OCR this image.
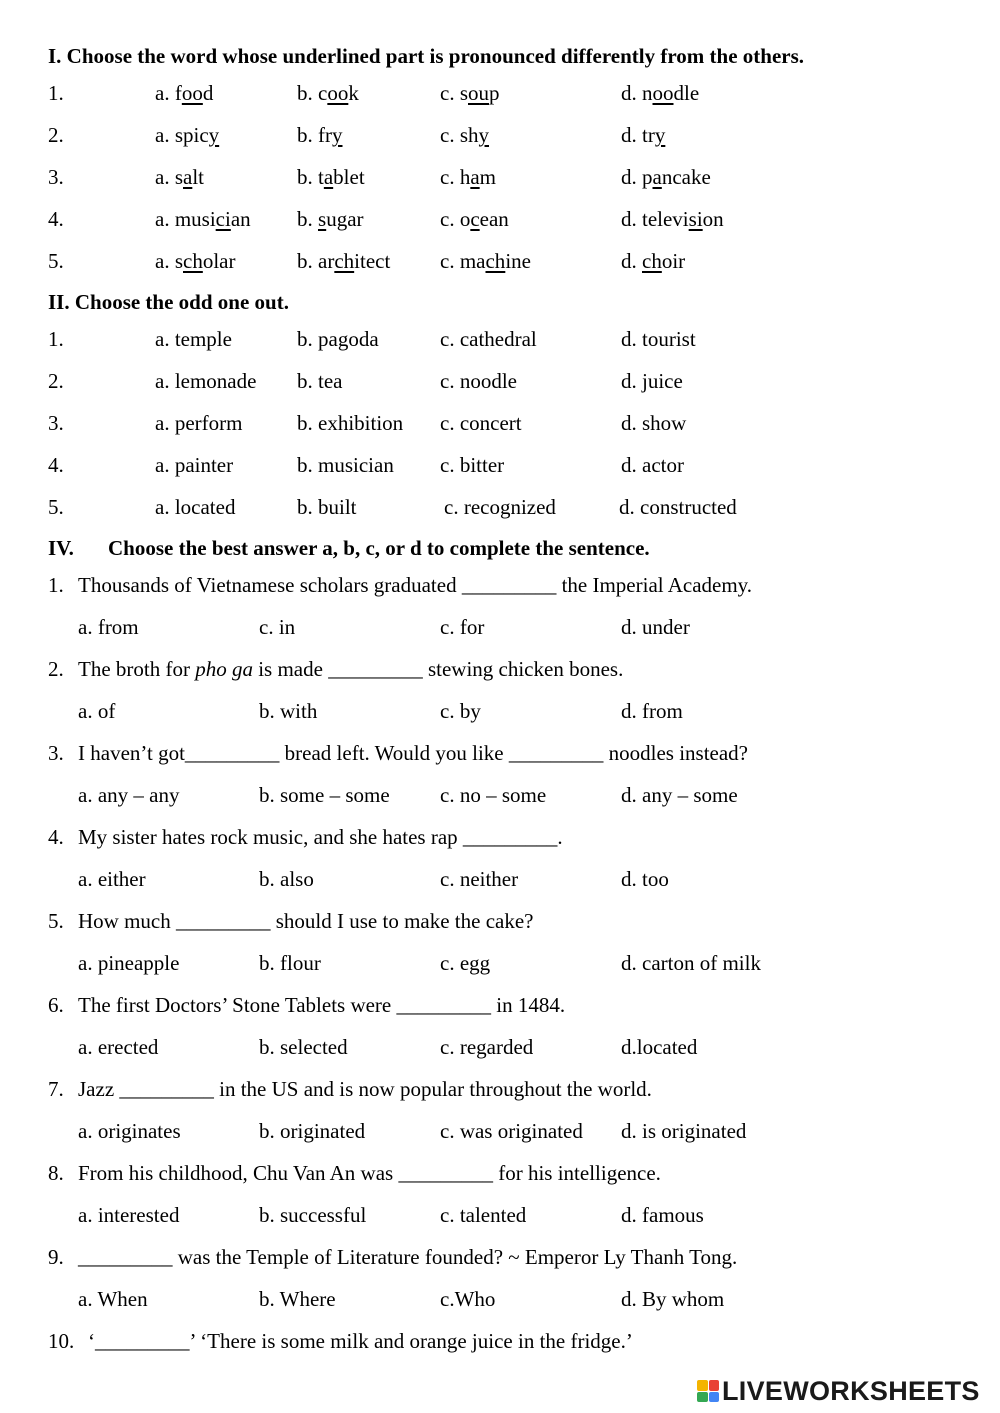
I. Choose the word whose underlined part is pronounced differently from the others.
1.	a. food	b. cook	c. soup	d. noodle
2.	a. spicy	b. fry	c. shy	d. try
3.	a. salt	b. tablet	c. ham	d. pancake
4.	a. musician b. sugar	c. ocean	d. television
5.	a. scholar	b. architect c. machine	d. choir
II. Choose the odd one out.
1.	a. temple	b. pagoda	c. cathedral	d. tourist
2.	a. lemonade b. tea	c. noodle	d. juice
3.	a. perform	b. exhibition c. concert	d. show
4.	a. painter	b. musician c. bitter	d. actor
5.	a. located	b. built	c. recognized	d. constructed
IV. Choose the best answer a, b, c, or d to complete the sentence.
1. Thousands of Vietnamese scholars graduated _________ the Imperial Academy.
a. from	c. in	c. for	d. under
2. The broth for pho ga is made _________ stewing chicken bones.
a. of	b. with	c. by	d. from
3. I haven’t got_________ bread left. Would you like _________ noodles instead?
a. any – any	b. some – some c. no – some	d. any – some
4. My sister hates rock music, and she hates rap _________.
a. either	b. also	c. neither	d. too
5. How much _________ should I use to make the cake?
a. pineapple	b. flour	c. egg	d. carton of milk
6. The first Doctors’ Stone Tablets were _________ in 1484.
a. erected	b. selected	c. regarded	d.located
7. Jazz _________ in the US and is now popular throughout the world.
a. originates	b. originated	c. was originated d. is originated
8. From his childhood, Chu Van An was _________ for his intelligence.
a. interested	b. successful	c. talented	d. famous
9. _________ was the Temple of Literature founded? ~ Emperor Ly Thanh Tong.
a. When	b. Where	c.Who	d. By whom
10. ‘_________’ ‘There is some milk and orange juice in the fridge.’
LIVEWORKSHEETS
